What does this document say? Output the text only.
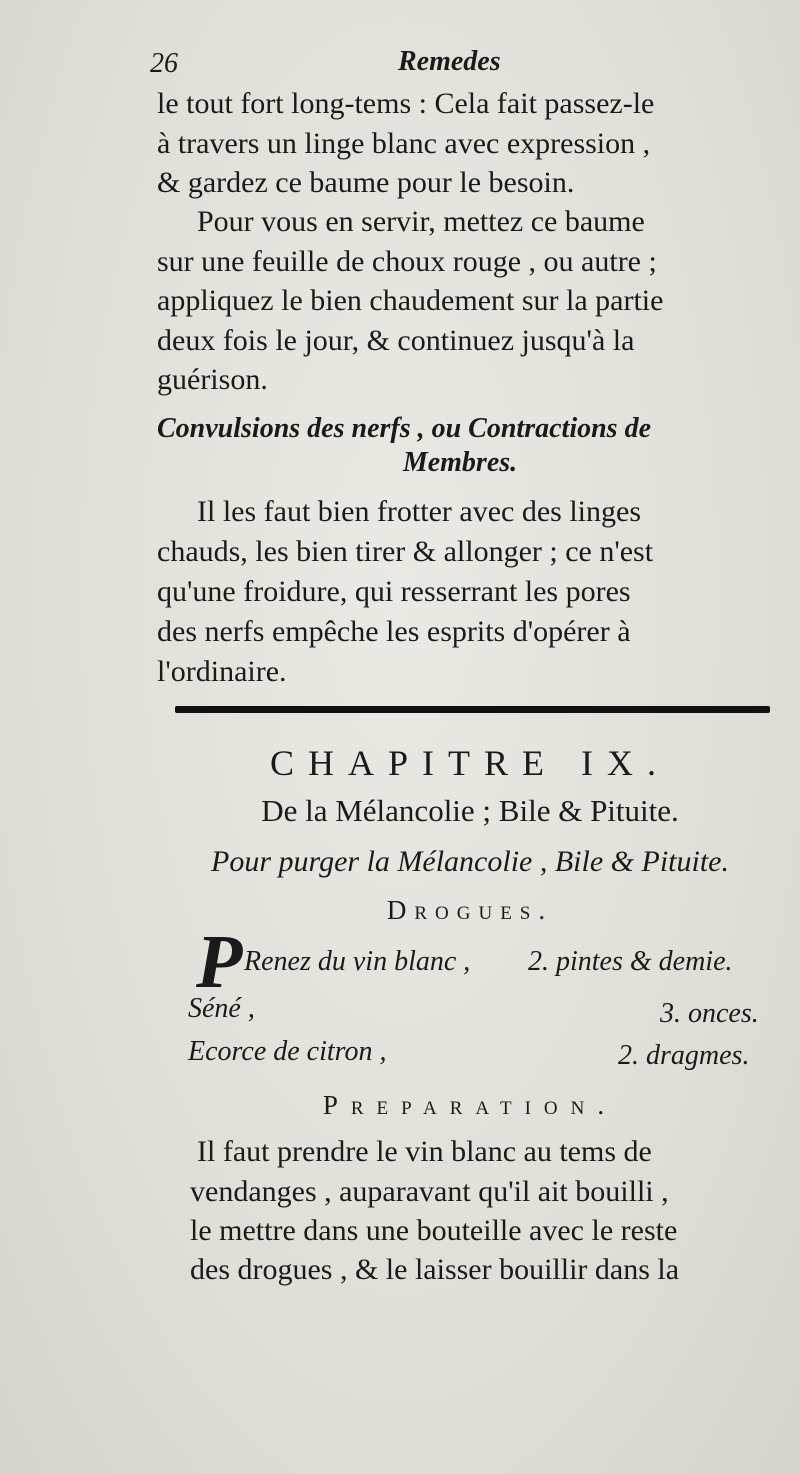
26	Remedes
le tout fort long-tems : Cela fait passez-le
à travers un linge blanc avec expression ,
& gardez ce baume pour le besoin.
Pour vous en servir, mettez ce baume
sur une feuille de choux rouge , ou autre ;
appliquez le bien chaudement sur la partie
deux fois le jour, & continuez jusqu'à la
guérison.
Convulsions des nerfs , ou Contractions de
Membres.
Il les faut bien frotter avec des linges
chauds, les bien tirer & allonger ; ce n'est
qu'une froidure, qui resserrant les pores
des nerfs empêche les esprits d'opérer à
l'ordinaire.
CHAPITRE IX.
De la Mélancolie ; Bile & Pituite.
Pour purger la Mélancolie , Bile & Pituite.
Drogues.
P Renez du vin blanc , 2. pintes & demie.
Séné ,	3. onces.
Ecorce de citron ,	2. dragmes.
Preparation.
Il faut prendre le vin blanc au tems de
vendanges , auparavant qu'il ait bouilli ,
le mettre dans une bouteille avec le reste
des drogues , & le laisser bouillir dans la
